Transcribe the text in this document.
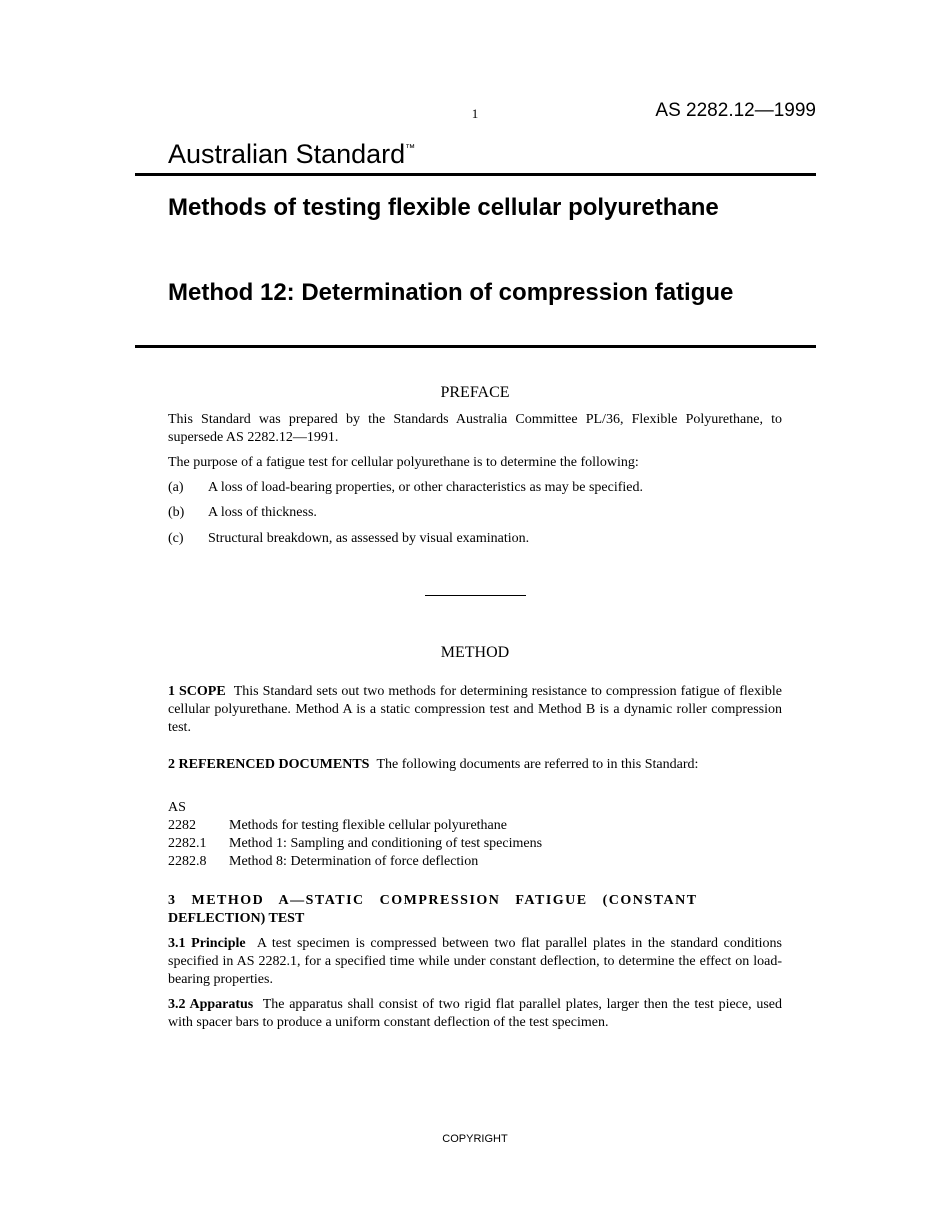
1	AS 2282.12—1999
Australian Standard™
Methods of testing flexible cellular polyurethane
Method 12: Determination of compression fatigue
PREFACE
This Standard was prepared by the Standards Australia Committee PL/36, Flexible Polyurethane, to supersede AS 2282.12—1991.
The purpose of a fatigue test for cellular polyurethane is to determine the following:
(a) A loss of load-bearing properties, or other characteristics as may be specified.
(b) A loss of thickness.
(c) Structural breakdown, as assessed by visual examination.
METHOD
1 SCOPE This Standard sets out two methods for determining resistance to compression fatigue of flexible cellular polyurethane. Method A is a static compression test and Method B is a dynamic roller compression test.
2 REFERENCED DOCUMENTS The following documents are referred to in this Standard:
AS
2282 Methods for testing flexible cellular polyurethane
2282.1 Method 1: Sampling and conditioning of test specimens
2282.8 Method 8: Determination of force deflection
3   METHOD   A—STATIC   COMPRESSION   FATIGUE   (CONSTANT
DEFLECTION) TEST
3.1 Principle A test specimen is compressed between two flat parallel plates in the standard conditions specified in AS 2282.1, for a specified time while under constant deflection, to determine the effect on load-bearing properties.
3.2 Apparatus The apparatus shall consist of two rigid flat parallel plates, larger then the test piece, used with spacer bars to produce a uniform constant deflection of the test specimen.
COPYRIGHT
